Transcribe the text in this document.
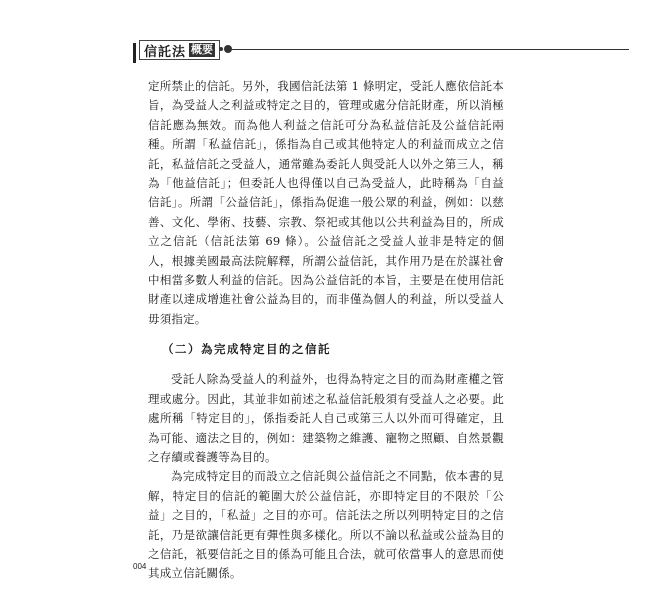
信託法 概要

定所禁止的信託。另外，我國信託法第 1 條明定，受託人應依信託本旨，為受益人之利益或特定之目的，管理或處分信託財產，所以消極信託應為無效。而為他人利益之信託可分為私益信託及公益信託兩種。所謂「私益信託」，係指為自己或其他特定人的利益而成立之信託，私益信託之受益人，通常雖為委託人與受託人以外之第三人，稱為「他益信託」；但委託人也得僅以自己為受益人，此時稱為「自益信託」。所謂「公益信託」，係指為促進一般公眾的利益，例如：以慈善、文化、學術、技藝、宗教、祭祀或其他以公共利益為目的，所成立之信託（信託法第 69 條）。公益信託之受益人並非是特定的個人，根據美國最高法院解釋，所謂公益信託，其作用乃是在於謀社會中相當多數人利益的信託。因為公益信託的本旨，主要是在使用信託財產以達成增進社會公益為目的，而非僅為個人的利益，所以受益人毋須指定。

（二）為完成特定目的之信託

受託人除為受益人的利益外，也得為特定之目的而為財產權之管理或處分。因此，其並非如前述之私益信託般須有受益人之必要。此處所稱「特定目的」，係指委託人自己或第三人以外而可得確定，且為可能、適法之目的，例如：建築物之維護、寵物之照顧、自然景觀之存續或養護等為目的。

為完成特定目的而設立之信託與公益信託之不同點，依本書的見解，特定目的信託的範圍大於公益信託，亦即特定目的不限於「公益」之目的，「私益」之目的亦可。信託法之所以列明特定目的之信託，乃是欲讓信託更有彈性與多樣化。所以不論以私益或公益為目的之信託，祇要信託之目的係為可能且合法，就可依當事人的意思而使其成立信託關係。

004
